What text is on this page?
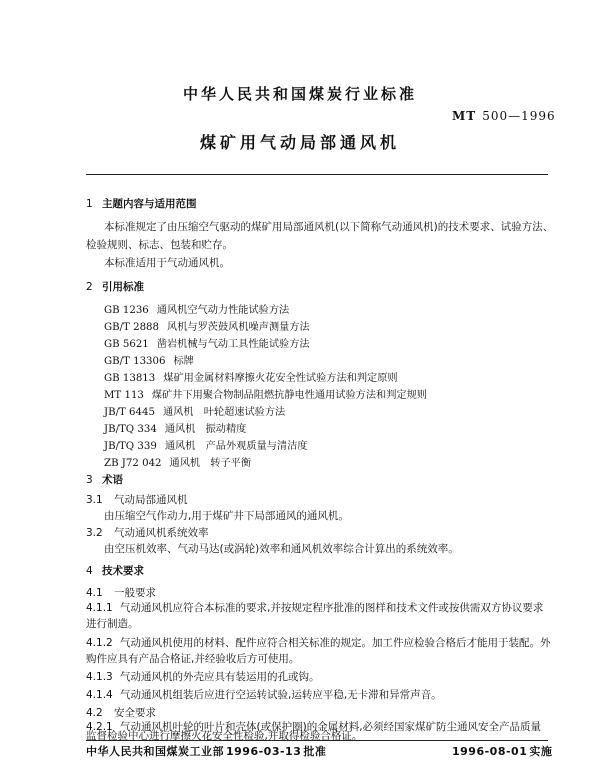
中华人民共和国煤炭行业标准
MT 500—1996
煤矿用气动局部通风机
1 主题内容与适用范围
本标准规定了由压缩空气驱动的煤矿用局部通风机(以下简称气动通风机)的技术要求、试验方法、
检验规则、标志、包装和贮存。
本标准适用于气动通风机。
2 引用标准
GB 1236 通风机空气动力性能试验方法
GB/T 2888 风机与罗茨鼓风机噪声测量方法
GB 5621 凿岩机械与气动工具性能试验方法
GB/T 13306 标牌
GB 13813 煤矿用金属材料摩擦火花安全性试验方法和判定原则
MT 113 煤矿井下用聚合物制品阻燃抗静电性通用试验方法和判定规则
JB/T 6445 通风机　叶轮超速试验方法
JB/TQ 334 通风机　振动精度
JB/TQ 339 通风机　产品外观质量与清洁度
ZB J72 042 通风机　转子平衡
3 术语
3.1 气动局部通风机
由压缩空气作动力,用于煤矿井下局部通风的通风机。
3.2 气动通风机系统效率
由空压机效率、气动马达(或涡轮)效率和通风机效率综合计算出的系统效率。
4 技术要求
4.1 一般要求
4.1.1 气动通风机应符合本标准的要求,并按规定程序批准的图样和技术文件或按供需双方协议要求
进行制造。
4.1.2 气动通风机使用的材料、配件应符合相关标准的规定。加工件应检验合格后才能用于装配。外
购件应具有产品合格证,并经验收后方可使用。
4.1.3 气动通风机的外壳应具有装运用的孔或钩。
4.1.4 气动通风机组装后应进行空运转试验,运转应平稳,无卡滞和异常声音。
4.2 安全要求
4.2.1 气动通风机叶轮的叶片和壳体(或保护圈)的金属材料,必须经国家煤矿防尘通风安全产品质量
监督检验中心进行摩擦火花安全性检验,并取得检验合格证。
中华人民共和国煤炭工业部 1996-03-13 批准	1996-08-01 实施
